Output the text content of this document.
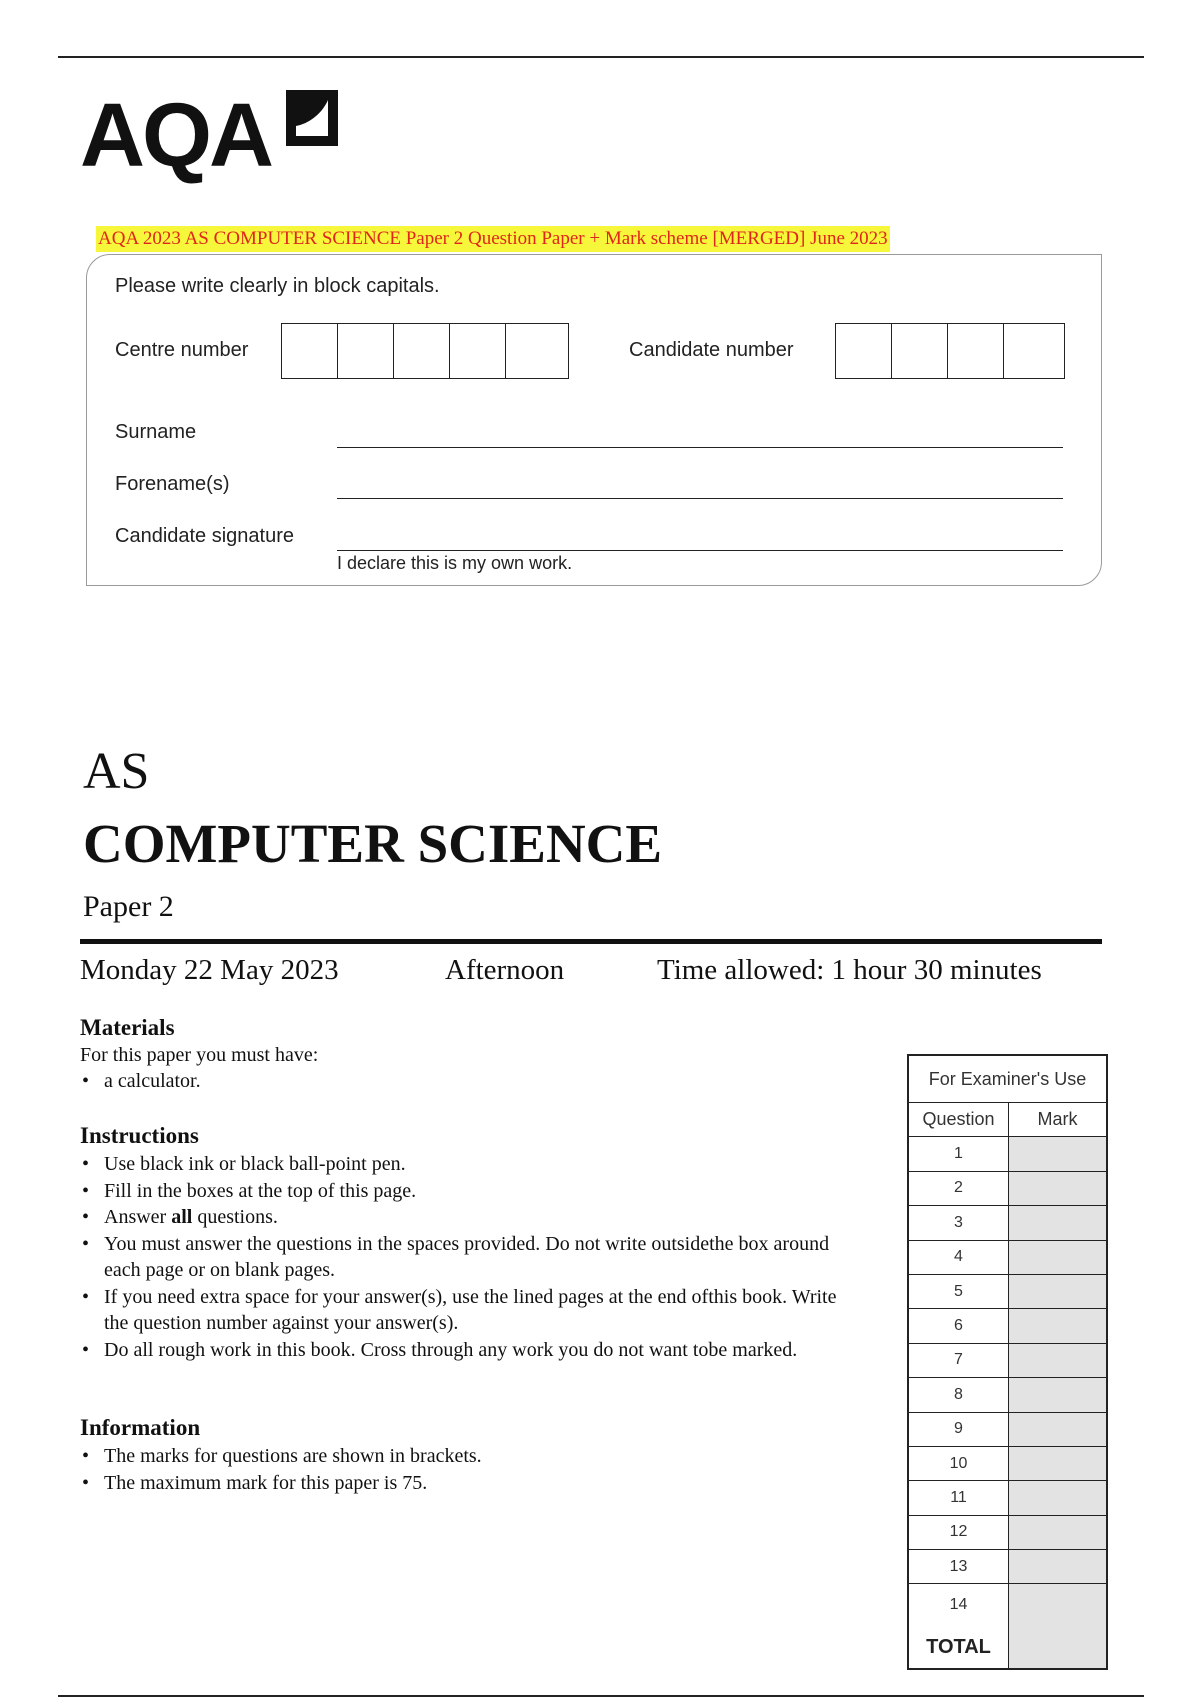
AQA
AQA 2023 AS COMPUTER SCIENCE Paper 2 Question Paper + Mark scheme [MERGED] June 2023
Please write clearly in block capitals.
Centre number	Candidate number
Surname
Forename(s)
Candidate signature
I declare this is my own work.
AS
COMPUTER SCIENCE
Paper 2
Monday 22 May 2023	Afternoon	Time allowed: 1 hour 30 minutes
Materials
For this paper you must have:
• a calculator.
Instructions
• Use black ink or black ball-point pen.
• Fill in the boxes at the top of this page.
• Answer all questions.
• You must answer the questions in the spaces provided. Do not write outsidethe box around each page or on blank pages.
• If you need extra space for your answer(s), use the lined pages at the end ofthis book. Write the question number against your answer(s).
• Do all rough work in this book. Cross through any work you do not want tobe marked.
Information
• The marks for questions are shown in brackets.
• The maximum mark for this paper is 75.
For Examiner's Use
Question	Mark
1
2
3
4
5
6
7
8
9
10
11
12
13
14
TOTAL
